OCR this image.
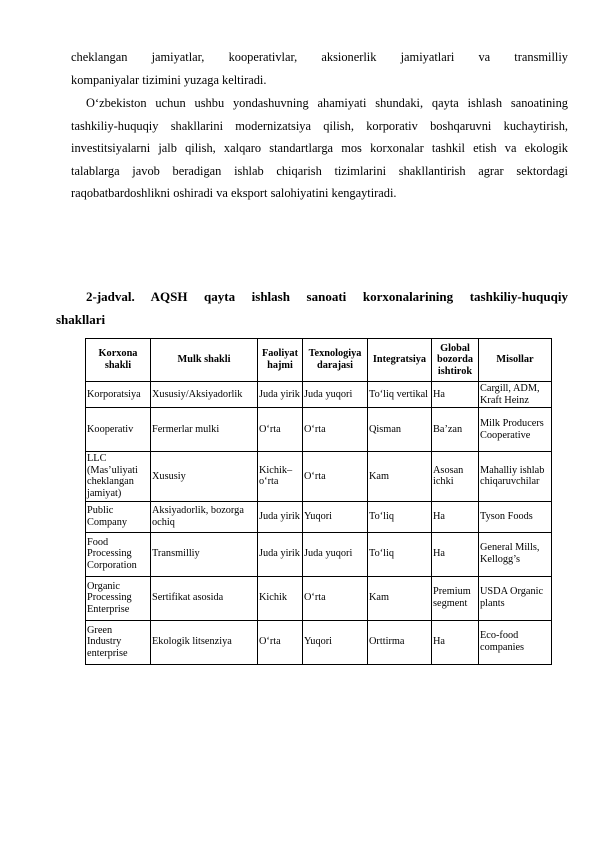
cheklangan jamiyatlar, kooperativlar, aksionerlik jamiyatlari va transmilliy

kompaniyalar tizimini yuzaga keltiradi.

O‘zbekiston uchun ushbu yondashuvning ahamiyati shundaki, qayta ishlash sanoatining tashkiliy-huquqiy shakllarini modernizatsiya qilish, korporativ boshqaruvni kuchaytirish, investitsiyalarni jalb qilish, xalqaro standartlarga mos korxonalar tashkil etish va ekologik talablarga javob beradigan ishlab chiqarish tizimlarini shakllantirish agrar sektordagi raqobatbardoshlikni oshiradi va eksport salohiyatini kengaytiradi.

2-jadval. AQSH qayta ishlash sanoati korxonalarining tashkiliy-huquqiy
shakllari

Korxona shakli	Mulk shakli	Faoliyat hajmi	Texnologiya darajasi	Integratsiya	Global bozorda ishtirok	Misollar
Korporatsiya	Xususiy/Aksiyadorlik	Juda yirik	Juda yuqori	To‘liq vertikal	Ha	Cargill, ADM, Kraft Heinz
Kooperativ	Fermerlar mulki	O‘rta	O‘rta	Qisman	Ba’zan	Milk Producers Cooperative
LLC (Mas’uliyati cheklangan jamiyat)	Xususiy	Kichik–o‘rta	O‘rta	Kam	Asosan ichki	Mahalliy ishlab chiqaruvchilar
Public Company	Aksiyadorlik, bozorga ochiq	Juda yirik	Yuqori	To‘liq	Ha	Tyson Foods
Food Processing Corporation	Transmilliy	Juda yirik	Juda yuqori	To‘liq	Ha	General Mills, Kellogg’s
Organic Processing Enterprise	Sertifikat asosida	Kichik	O‘rta	Kam	Premium segment	USDA Organic plants
Green Industry enterprise	Ekologik litsenziya	O‘rta	Yuqori	Orttirma	Ha	Eco-food companies
